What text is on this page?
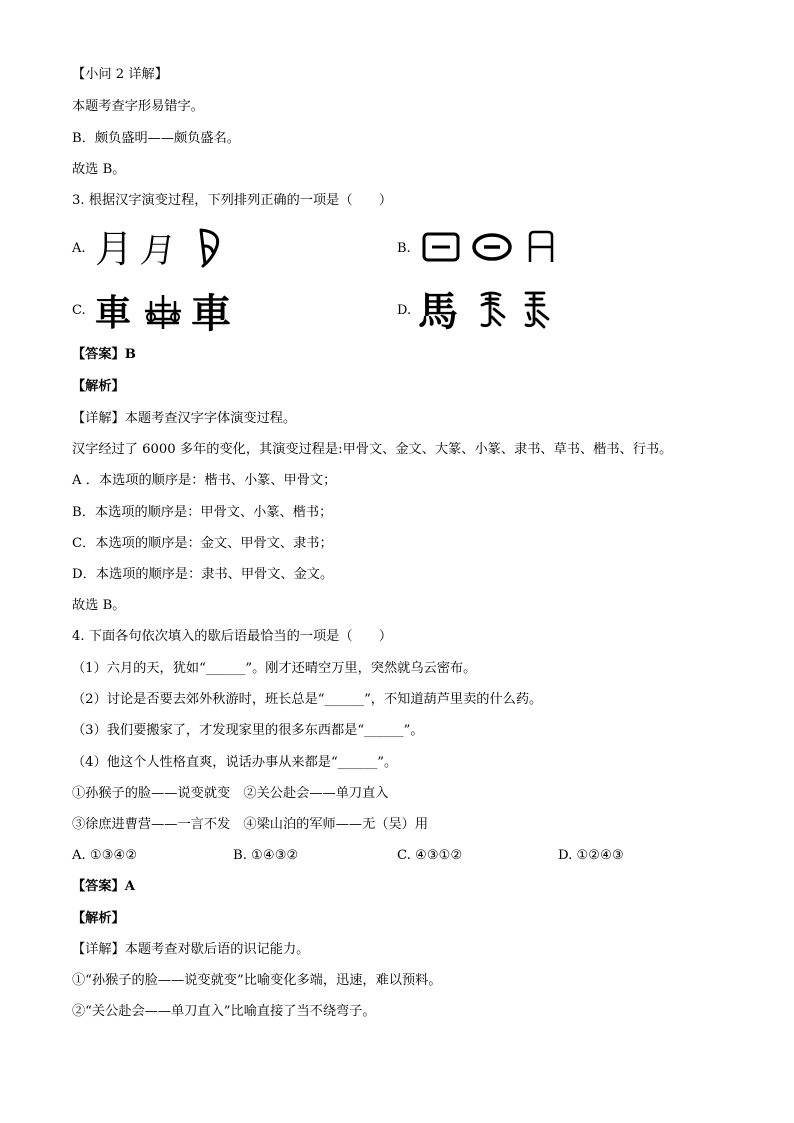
【小问 2 详解】
本题考查字形易错字。
B．颇负盛明——颇负盛名。
故选 B。
3. 根据汉字演变过程，下列排列正确的一项是（　　）
A. 月 月	B.
C. 車 車	D. 馬
【答案】B
【解析】
【详解】本题考查汉字字体演变过程。
汉字经过了 6000 多年的变化，其演变过程是:甲骨文、金文、大篆、小篆、隶书、草书、楷书、行书。
A ．本选项的顺序是：楷书、小篆、甲骨文；
B．本选项的顺序是：甲骨文、小篆、楷书；
C．本选项的顺序是：金文、甲骨文、隶书；
D．本选项的顺序是：隶书、甲骨文、金文。
故选 B。
4. 下面各句依次填入的歇后语最恰当的一项是（　　）
（1）六月的天，犹如“______”。刚才还晴空万里，突然就乌云密布。
（2）讨论是否要去郊外秋游时，班长总是“______”，不知道葫芦里卖的什么药。
（3）我们要搬家了，才发现家里的很多东西都是“______”。
（4）他这个人性格直爽，说话办事从来都是“______”。
①孙猴子的脸——说变就变　②关公赴会——单刀直入
③徐庶进曹营——一言不发　④梁山泊的军师——无（吴）用
A. ①③④②	B. ①④③②	C. ④③①②	D. ①②④③
【答案】A
【解析】
【详解】本题考查对歇后语的识记能力。
①“孙猴子的脸——说变就变”比喻变化多端，迅速，难以预料。
②“关公赴会——单刀直入”比喻直接了当不绕弯子。
